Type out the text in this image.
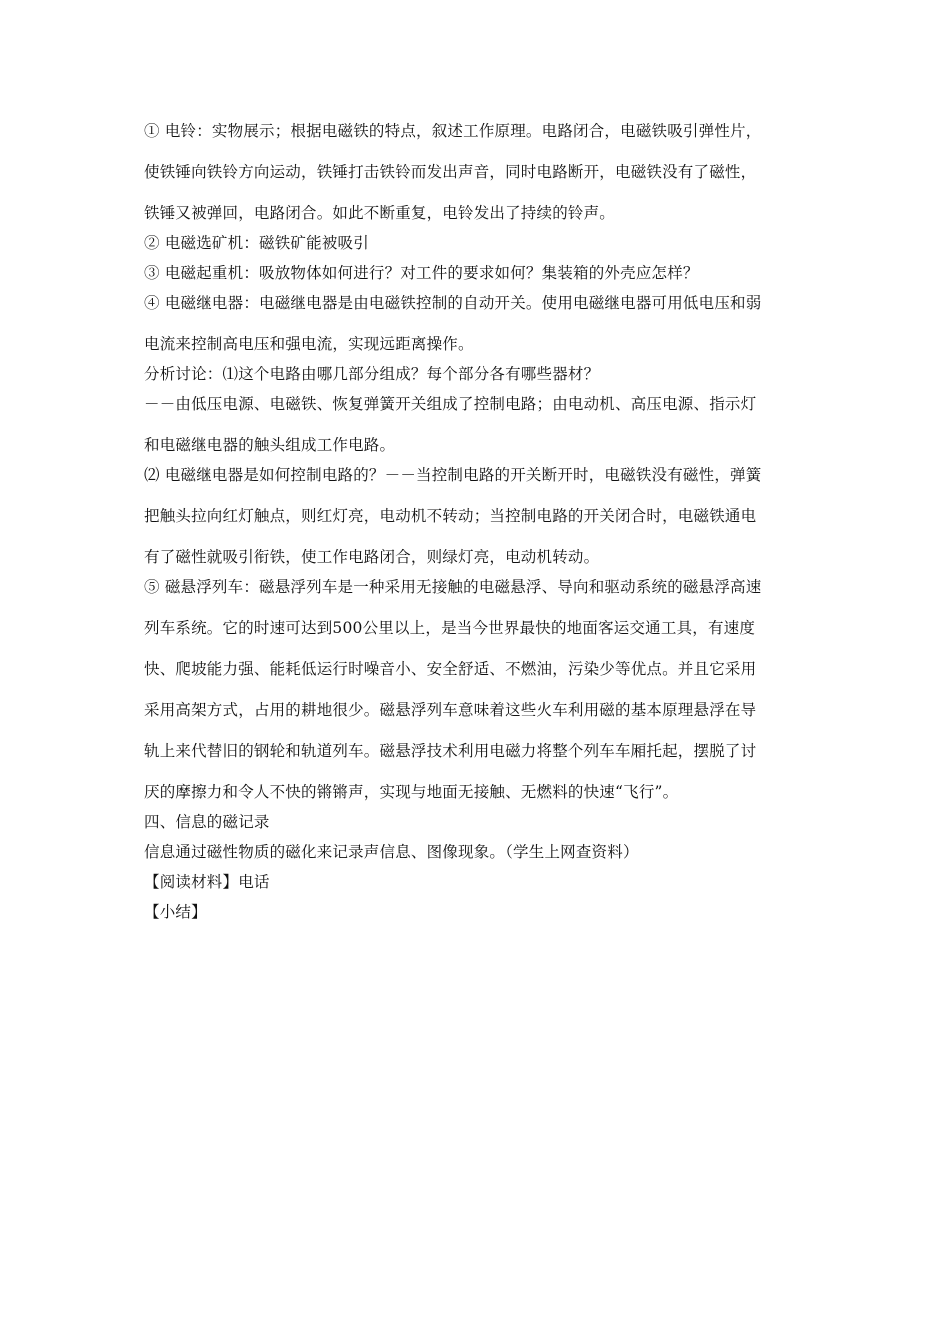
① 电铃：实物展示；根据电磁铁的特点，叙述工作原理。电路闭合，电磁铁吸引弹性片，
使铁锤向铁铃方向运动，铁锤打击铁铃而发出声音，同时电路断开，电磁铁没有了磁性，
铁锤又被弹回，电路闭合。如此不断重复，电铃发出了持续的铃声。
② 电磁选矿机：磁铁矿能被吸引
③ 电磁起重机：吸放物体如何进行？对工件的要求如何？集装箱的外壳应怎样？
④ 电磁继电器：电磁继电器是由电磁铁控制的自动开关。使用电磁继电器可用低电压和弱
电流来控制高电压和强电流，实现远距离操作。
分析讨论：⑴这个电路由哪几部分组成？每个部分各有哪些器材？
－－由低压电源、电磁铁、恢复弹簧开关组成了控制电路；由电动机、高压电源、指示灯
和电磁继电器的触头组成工作电路。
⑵ 电磁继电器是如何控制电路的？－－当控制电路的开关断开时，电磁铁没有磁性，弹簧
把触头拉向红灯触点，则红灯亮，电动机不转动；当控制电路的开关闭合时，电磁铁通电
有了磁性就吸引衔铁，使工作电路闭合，则绿灯亮，电动机转动。
⑤ 磁悬浮列车：磁悬浮列车是一种采用无接触的电磁悬浮、导向和驱动系统的磁悬浮高速
列车系统。它的时速可达到500公里以上，是当今世界最快的地面客运交通工具，有速度
快、爬坡能力强、能耗低运行时噪音小、安全舒适、不燃油，污染少等优点。并且它采用
采用高架方式，占用的耕地很少。磁悬浮列车意味着这些火车利用磁的基本原理悬浮在导
轨上来代替旧的钢轮和轨道列车。磁悬浮技术利用电磁力将整个列车车厢托起，摆脱了讨
厌的摩擦力和令人不快的锵锵声，实现与地面无接触、无燃料的快速“飞行”。
四、信息的磁记录
信息通过磁性物质的磁化来记录声信息、图像现象。（学生上网查资料）
【阅读材料】电话
【小结】
